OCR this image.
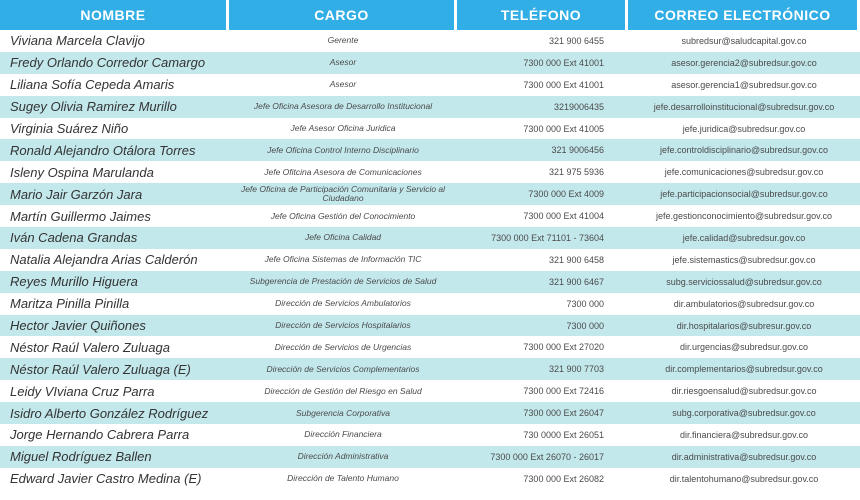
NOMBRE	CARGO	TELÉFONO	CORREO ELECTRÓNICO
Viviana Marcela Clavijo	Gerente	321 900 6455	subredsur@saludcapital.gov.co
Fredy Orlando Corredor Camargo	Asesor	7300 000 Ext 41001	asesor.gerencia2@subredsur.gov.co
Liliana Sofía Cepeda Amaris	Asesor	7300 000 Ext 41001	asesor.gerencia1@subredsur.gov.co
Sugey Olivia Ramirez Murillo	Jefe Oficina Asesora de Desarrollo Institucional	3219006435	jefe.desarrolloinstitucional@subredsur.gov.co
Virginia Suárez Niño	Jefe Asesor Oficina Juridica	7300 000 Ext 41005	jefe.juridica@subredsur.gov.co
Ronald Alejandro Otálora Torres	Jefe Oficina Control Interno Disciplinario	321 9006456	jefe.controldisciplinario@subredsur.gov.co
Isleny Ospina Marulanda	Jefe Ofitcina Asesora de Comunicaciones	321 975 5936	jefe.comunicaciones@subredsur.gov.co
Mario Jair Garzón Jara	Jefe Oficina de Participación Comunitaria y Servicio al Ciudadano	7300 000 Ext 4009	jefe.participacionsocial@subredsur.gov.co
Martín Guillermo Jaimes	Jefe Oficina Gestión del Conocimiento	7300 000 Ext 41004	jefe.gestionconocimiento@subredsur.gov.co
Iván Cadena Grandas	Jefe Oficina Calidad	7300 000 Ext 71101 - 73604	jefe.calidad@subredsur.gov.co
Natalia Alejandra Arias Calderón	Jefe Oficina Sistemas de Información TIC	321 900 6458	jefe.sistemastics@subredsur.gov.co
Reyes Murillo Higuera	Subgerencia de Prestación de Servicios de Salud	321 900 6467	subg.serviciossalud@subredsur.gov.co
Maritza Pinilla Pinilla	Dirección de Servicios Ambulatorios	7300 000	dir.ambulatorios@subredsur.gov.co
Hector Javier Quiñones	Dirección de Servicios Hospitalarios	7300 000	dir.hospitalarios@subresur.gov.co
Néstor Raúl Valero Zuluaga	Dirección de Servicios de Urgencias	7300 000 Ext 27020	dir.urgencias@subredsur.gov.co
Néstor Raúl Valero Zuluaga (E)	Dirección de Servicios Complementarios	321 900 7703	dir.complementarios@subredsur.gov.co
Leidy VIviana Cruz Parra	Dirección de Gestión del Riesgo en Salud	7300 000 Ext 72416	dir.riesgoensalud@subredsur.gov.co
Isidro Alberto González Rodríguez	Subgerencia Corporativa	7300 000 Ext 26047	subg.corporativa@subredsur.gov.co
Jorge Hernando Cabrera Parra	Dirección Financiera	730 0000 Ext 26051	dir.financiera@subredsur.gov.co
Miguel Rodríguez Ballen	Dirección Administrativa	7300 000 Ext 26070 - 26017	dir.administrativa@subredsur.gov.co
Edward Javier Castro Medina (E)	Dirección de Talento Humano	7300 000 Ext 26082	dir.talentohumano@subredsur.gov.co
